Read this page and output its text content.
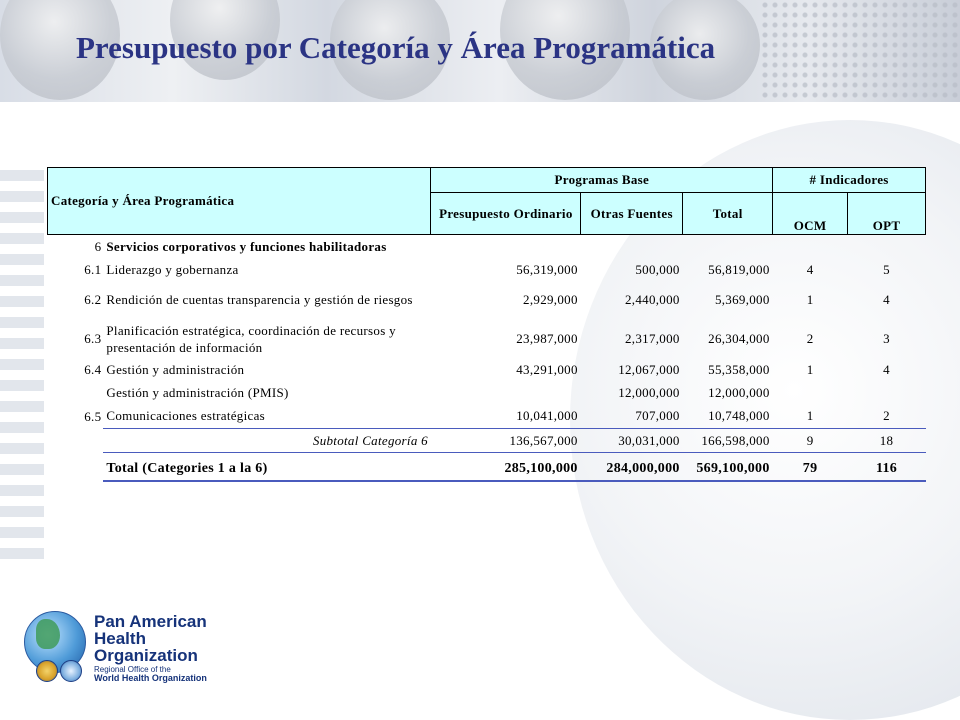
Presupuesto por Categoría y Área Programática
Categoría y Área Programática		Programas Base			# Indicadores	
		Presupuesto Ordinario	Otras Fuentes	Total	OCM	OPT
6	Servicios corporativos y funciones habilitadoras					
6.1	Liderazgo y gobernanza	56,319,000	500,000	56,819,000	4	5
6.2	Rendición de cuentas transparencia y gestión de riesgos	2,929,000	2,440,000	5,369,000	1	4
6.3	Planificación estratégica, coordinación de recursos y presentación de información	23,987,000	2,317,000	26,304,000	2	3
6.4	Gestión y administración	43,291,000	12,067,000	55,358,000	1	4
	Gestión y administración (PMIS)		12,000,000	12,000,000		
6.5	Comunicaciones estratégicas	10,041,000	707,000	10,748,000	1	2
	Subtotal Categoría 6	136,567,000	30,031,000	166,598,000	9	18

	Total (Categories 1 a la 6)	285,100,000	284,000,000	569,100,000	79	116
Pan American
Health
Organization
Regional Office of the
World Health Organization
